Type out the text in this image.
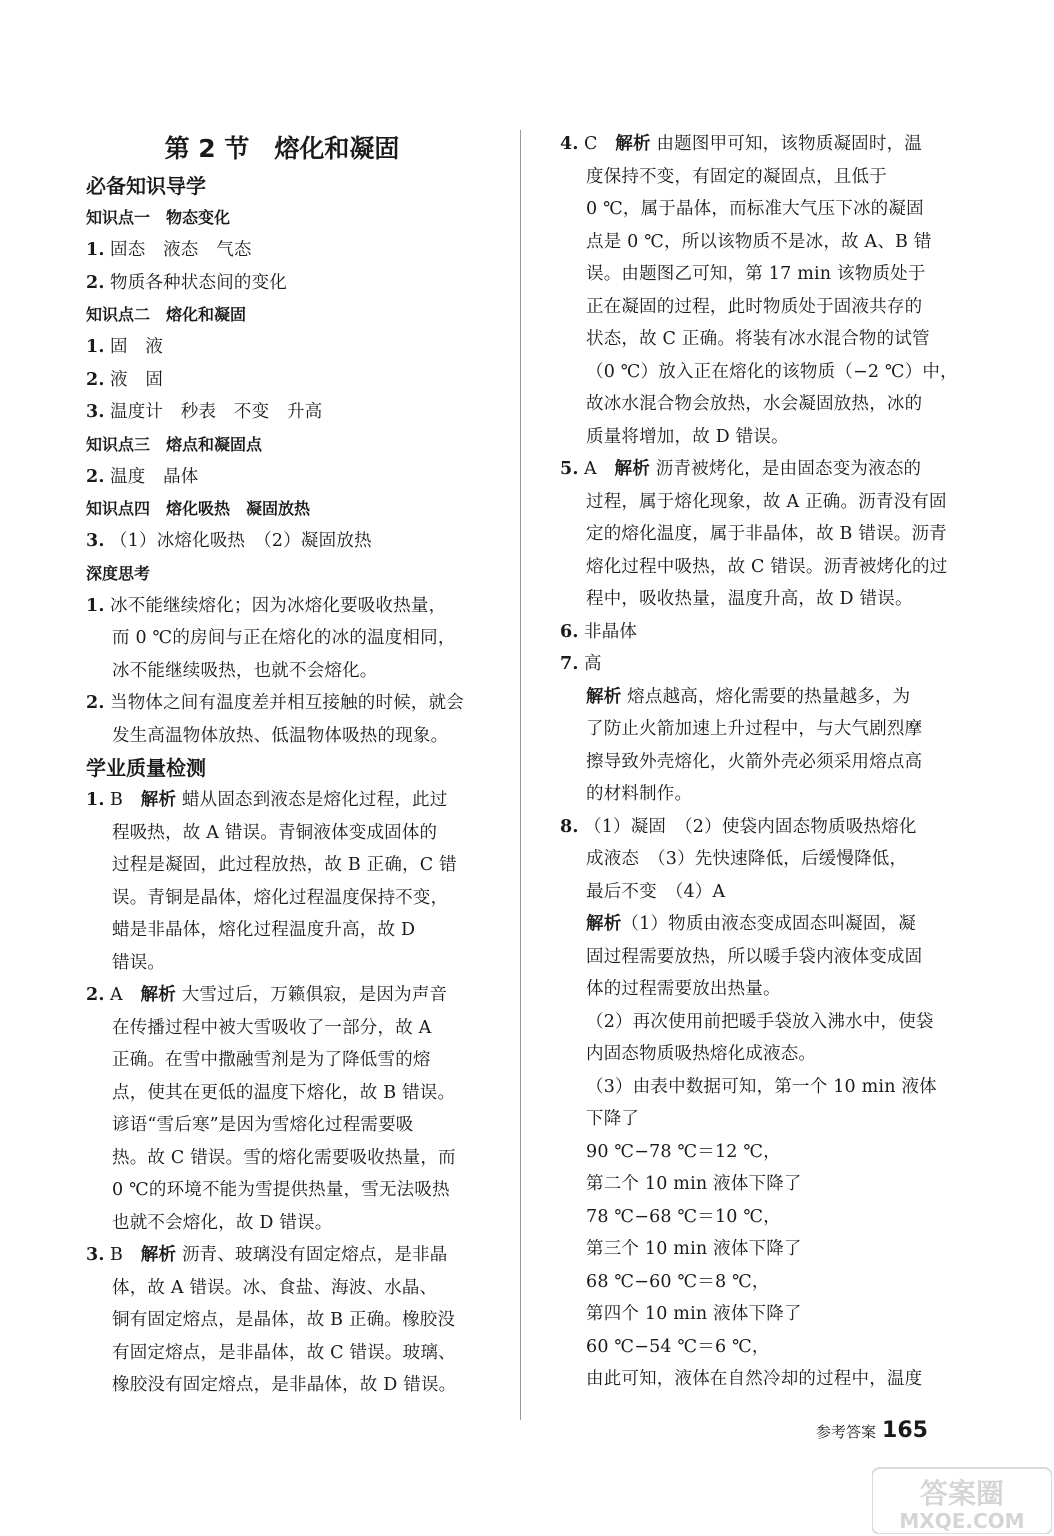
第 2 节　熔化和凝固
必备知识导学
知识点一　物态变化
1. 固态　液态　气态
2. 物质各种状态间的变化
知识点二　熔化和凝固
1. 固　液
2. 液　固
3. 温度计　秒表　不变　升高
知识点三　熔点和凝固点
2. 温度　晶体
知识点四　熔化吸热　凝固放热
3. （1）冰熔化吸热　（2）凝固放热
深度思考
1. 冰不能继续熔化；因为冰熔化要吸收热量，
而 0 ℃的房间与正在熔化的冰的温度相同，
冰不能继续吸热，也就不会熔化。
2. 当物体之间有温度差并相互接触的时候，就会
发生高温物体放热、低温物体吸热的现象。
学业质量检测
1. B　 解析 蜡从固态到液态是熔化过程，此过
程吸热，故 A 错误。青铜液体变成固体的
过程是凝固，此过程放热，故 B 正确，C 错
误。青铜是晶体，熔化过程温度保持不变，
蜡是非晶体，熔化过程温度升高，故 D
错误。
2. A　 解析 大雪过后，万籁俱寂，是因为声音
在传播过程中被大雪吸收了一部分，故 A
正确。在雪中撒融雪剂是为了降低雪的熔
点，使其在更低的温度下熔化，故 B 错误。
谚语“雪后寒”是因为雪熔化过程需要吸
热。故 C 错误。雪的熔化需要吸收热量，而
0 ℃的环境不能为雪提供热量，雪无法吸热
也就不会熔化，故 D 错误。
3. B　 解析 沥青、玻璃没有固定熔点，是非晶
体，故 A 错误。冰、食盐、海波、水晶、
铜有固定熔点，是晶体，故 B 正确。橡胶没
有固定熔点，是非晶体，故 C 错误。玻璃、
橡胶没有固定熔点，是非晶体，故 D 错误。
4. C　 解析 由题图甲可知，该物质凝固时，温
度保持不变，有固定的凝固点，且低于
0 ℃，属于晶体，而标准大气压下冰的凝固
点是 0 ℃，所以该物质不是冰，故 A、B 错
误。由题图乙可知，第 17 min 该物质处于
正在凝固的过程，此时物质处于固液共存的
状态，故 C 正确。将装有冰水混合物的试管
（0 ℃）放入正在熔化的该物质（−2 ℃）中，
故冰水混合物会放热，水会凝固放热，冰的
质量将增加，故 D 错误。
5. A　 解析 沥青被烤化，是由固态变为液态的
过程，属于熔化现象，故 A 正确。沥青没有固
定的熔化温度，属于非晶体，故 B 错误。沥青
熔化过程中吸热，故 C 错误。沥青被烤化的过
程中，吸收热量，温度升高，故 D 错误。
6. 非晶体
7. 高
解析 熔点越高，熔化需要的热量越多，为
了防止火箭加速上升过程中，与大气剧烈摩
擦导致外壳熔化，火箭外壳必须采用熔点高
的材料制作。
8. （1）凝固　（2）使袋内固态物质吸热熔化
成液态　（3）先快速降低，后缓慢降低，
最后不变　（4）A
解析（1）物质由液态变成固态叫凝固，凝
固过程需要放热，所以暖手袋内液体变成固
体的过程需要放出热量。
（2）再次使用前把暖手袋放入沸水中，使袋
内固态物质吸热熔化成液态。
（3）由表中数据可知，第一个 10 min 液体
下降了
90 ℃−78 ℃＝12 ℃，
第二个 10 min 液体下降了
78 ℃−68 ℃＝10 ℃，
第三个 10 min 液体下降了
68 ℃−60 ℃＝8 ℃，
第四个 10 min 液体下降了
60 ℃−54 ℃＝6 ℃，
由此可知，液体在自然冷却的过程中，温度
参考答案 165
答案圈
MXQE.COM
